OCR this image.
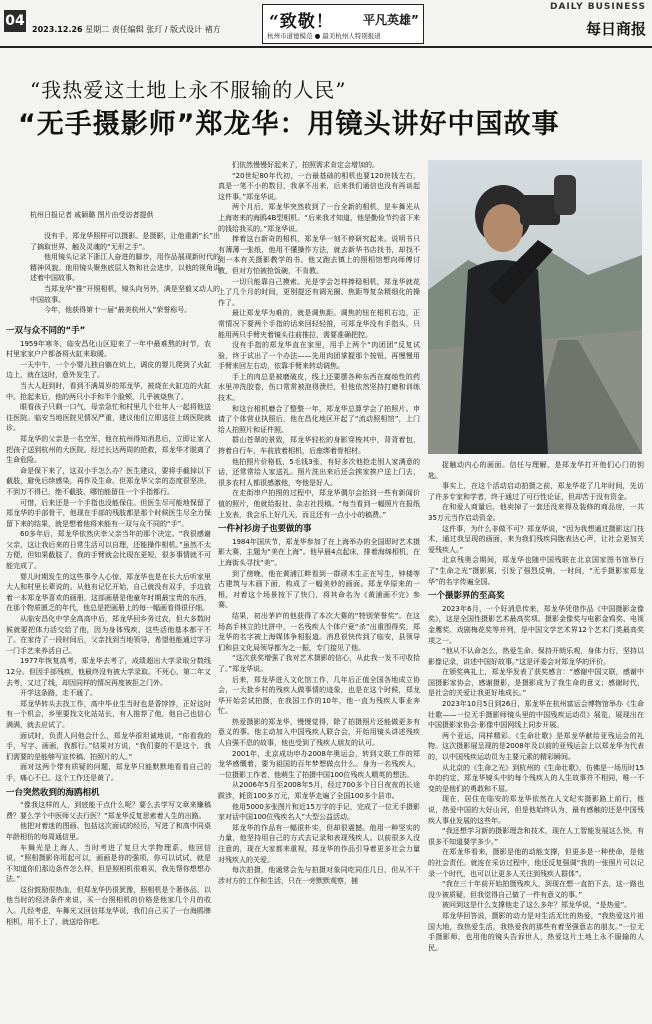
04
2023.12.26 星期二 责任编辑 张玎 / 版式设计 褚方	“致敬！ 平凡英雄”
杭州市道德模范 ● 最美杭州人特别报道
DAILY BUSINESS
每日商报
“我热爱这土地上永不服输的人民”
“无手摄影师”郑龙华：用镜头讲好中国故事
杭州日报记者 戚颖璐 图片由受访者提供

没有手，郑龙华照样可以摄影。是摄影，让他重新“长”出了摘取世界、触及灵魂的“无形之手”。

他用镜头记录下浙江人奋进的脚步，用作品展现新时代的精神风貌。他用镜头聚焦底层人物和社会进步，以他的视角讲述着中国故事。

当郑龙华“推”开照相机，镜头向另外，满是坚毅又动人的中国故事。

今年，他获得第十一届“最美杭州人”荣誉称号。

一双与众不同的“手”

1959年寒冬，临安昌化山区迎来了一年中最难熬的时节，农村里家家户户都备将火缸来取暖。

一天中午，一个小婴儿独自躺在炕上，调皮的婴儿爬到了火缸边上，就在这时，意外发生了。

当大人赶到时，看到不满周岁的郑龙华，被烧在火缸边的火缸中。抢起来后，他的两只小手和半个脸颊，几乎被烧焦了。

眼看孩子只剩一口气，母亲急忙和村里几个壮年人一起将他送往医院。临安当地医院见情况严重，建议他们立即送往上级医院就诊。

郑龙华的父亲是一名空军，他在杭州得知消息后，立即让家人把孩子送到杭州的大医院。经过长达两周的抢救，郑龙华才脱离了生命危险。

命是保下来了，这双小手怎么办？医生建议，要将手截掉以下截肢，避免后续感染，再作及生命。但郑龙华父亲的态度很坚决，不到万不得已，绝不截肢，哪怕能留住一个手指都行。

可惜，后来还是一个手指也没能保住。但医生尽可能地保留了郑龙华的手部骨干，他现在手部的残肢都是那个时候医生尽全力保留下来的结果，就是想着他将来能有一双与众不同的“手”。

60多年后，郑龙华依然庆幸父亲当年的那个决定。“我很感谢父亲，这让我后来的日常生活可以自理，还能操作相机。”虽然不太方便，但如果截肢了，我的手臂就会比现在更短，很多事情就不可能完成了。

婴儿时期发生的这些事令人心惊，郑龙华也是在长大后听家里大人和村里长辈说的。从他有记忆开始，自己就没有双手，手边放着一本郑龙华喜欢的画册，这部画册是他童年时期最宝贵的东西，在那个物质匮乏的年代，他总是把画册上的每一幅画看得很仔细。

从临安昌化中学全高高中后，郑龙华回乡务过农，但大多数时候就要把体力活交给了他，因为身体残疾，这些活他基本都干不了。在家待了一段时间后，父亲找到当地领导，希望他能通过学习一门手艺来养活自己。

1977年恢复高考，郑龙华去考了，成绩超出大学录取分数线12分。但因手部残疾，他最终没有被大学录取。不死心，第二年又去考，又过了线，却因同样的情况再度被拒之门外。

开学这条路，走不通了。

郑龙华转头去找工作，高中毕业生当时也是香饽饽，正好这时有一个机会，乡里要找文化站站长，有人推荐了他，他自己也信心满满，就去应试了。

面试时，负责人问他会什么，郑龙华很坦诚地说，“你看我的手，写字、画画，我都行。”结果对方说，“我们要的不是这个，我们需要的是能够写宣传稿、拍照片的人。”

面对这两个带有质疑的问题，郑龙华只能默默地看看自己的手，痛心不已。这个工作还是黄了。

一台突然收到的海鸥相机

“像我这样的人，到底能干点什么呢？要么去学写文章来赚稿费？要么学个中医师父去行医？”郑龙华反复思索着人生的出路。

他把对着迷的图画、包括这次面试的经历，写进了和高中同桌年龄相仿的每周通信里。

车舞光是上海人，当时考进了复旦大学物理系，他回信说，“照相摄影你用起可以，画画是你的强项，你可以试试，就是不知道你们那边条件怎么样，但是照相机很难买，我先帮你想想办法。”

这份鼓励很热血，但郑龙华仍很犹豫，照相机是个奢侈品，以他当时的经济条件来说，买一台照相机的价格是他家几个月的收入。几经考虑，车舞光又回信郑龙华说，我们自己买了一台海鸥牌相机，用不上了，就送给你吧。

们依然慢慢好起来了，拍照需求肯定会增加的。

“20世纪80年代初，一台最基础的相机也要120块钱左右，真是一笔不小的数目，我拿不出来，后来我们通信也没有再谈起这件事。”郑龙华说。

两个月后，郑龙华突然收到了一台全新的相机，是车舞光从上海寄来的海鸥4B型相机。“后来我才知道，他是勤俭节约省下来的钱给我买的。”郑龙华说。

捧着这台新奇的相机，郑龙华一刻不停研究起来。说明书只有薄薄一张纸，他用不懂操作方法，就去新华书店找书，却找不到一本有关摄影教学的书。他又跑去镇上的照相馆想向师傅讨教，但对方怕被抢饭碗，不肯教。

一切只能靠自己摸索。光是学会怎样捧稳相机，郑龙华就花上了几个月的时间，更别提还有调光圈、焦距等复杂精细化的操作了。

最让郑龙华为难的，就是调焦距。调焦的钮在相机右边，正常情况下要两个手指的话来回轻轻推，可郑龙华没有手指头，只能用两只手臂夹着镜头往前推拉，需要准确把控。

没有手指的郑龙华直在家里，用手上两个“肉团团”反复试验，终于试出了一个办法——先用肉团掌握那个按钮，再慢慢用手臂来回左右动，依靠手臂来转动调焦。

手上的肉总是被磨破皮，线上还要摆各种东西在腐烛性的药水里冲洗胶卷，伤口常常被泡得溃烂，但他依然坚持打磨和训练技术。

和这台相机磨合了整整一年，郑龙华总算学会了拍照片。申请了个体营业执照后，他在昌化地区开起了“流动照相馆”，上门给人拍照片和证件照。

群山苍翠的景致，郑龙华轻松的身影穿梭其中，背背着包，挎着自行车，车前放着相机，后座绑着骨相材。

他拍照片价格低，5毛钱3张，有好多次他抢走别人家满意的话，还常常给人家送礼。照片洗出来后还会挨家挨户送上门去，很多农村人都很感激他，夸他是好人。

在走街串户拍照的过程中，郑龙华偶尔会抬到一些有新闻价值的照片，他就给报社、杂志社投稿。“每当看到一幅照片在报纸上发表，我会乐上好几天，而且还有一点小小的稿费。”

一件衬衫房子也要做的事

1984年国庆节，郑龙华参加了在上海举办的全国即时艺术摄影大赛，主题为“美在上海”。他早晨4点起床，排着海绵相机，在上海街头寻找“美”。

到了傍晚，他在黄浦江畔看到一群顽木生正在写生，钟楼等古建筑与木画下面，构成了一幅美妙的画面。郑龙华原来的一根，对着这个场景按下了快门，将其命名为《黄浦画不完》参赛。

结果，初出茅庐的他获得了本次大赛的“特别荣誉奖”。在这场高手林立的比拼中，一名残疾人个体户竟“杀”出重围得奖，郑龙华的名字被上海媒体争相报道。消息很快传到了临安，县领导们和县文化局领导都为之一振，专门接见了他。

“这次获奖增强了我对艺术摄影的信心，从此我一发不可收拾了。”郑龙华说。

后来，郑龙华进入文化馆工作，几年后正值全国各地成立协会，一大批乡村的残疾人做事情的迹象，也是在这个时候，郑龙华开始尝试拍摄，在我国工作的10年，他一直为残疾人事业奔忙。

热爱摄影的郑龙华，慢慢觉得，除了拍摄照片还能做更多有意义的事。他主动加入中国残疾人联合会，开始用镜头讲述残疾人自强不息的故事，他也受到了残疾人朋友的认可。

2001年，北京成功申办2008年奥运会，转到文联工作的郑龙华感慨着，要为祖国的百年梦想做点什么。身为一名残疾人，一位摄影工作者，他萌生了拍摄中国100位残疾人精英的想法。

从2006年5月至2008年5月，经过700多个日日夜夜的长途跋涉，耗资100多万元，郑龙华走遍了全国100多个县市。

他用5000多张图片和近15万字的手记，完成了一位无手摄影家对话中国100位残疾名人”大型公益活动。

郑龙华的作品有一幅很朴实，但却很震撼。他用一种坚实的力量，他坚持用自己的方式去记录和表现残疾人。以前很多人没注意的，现在大家都来重视，郑龙华的作品引导着更多社会力量对残疾人的关爱。

每次拍摄，他通常会先与拍摄对象同吃同住几日，但从不干涉对方的工作和生活，只在一旁默默观察，捕

捉触动内心的画面。信任与理解，是郑龙华打开他们心门的钥匙。

事实上，在这个活动启动拍摄之前，郑龙华花了几年时间，先访了许多专家和学者，终于通过了可行性论证，但却苦于没有资金。

在和爱人商量后，他卖掉了一套还没来得及装修的商品房，一共35万元当作启动资金。

这件事，为什么非做不可？郑龙华说，“因为我想通过摄影这门技术，通过我呈现的画面，来为我们残疾同胞表达心声，让社会更加关爱残疾人。”

北京残奥会期间，郑龙华也随中国残联在北京国家图书馆举行了“生命之光”摄影展，引发了强烈反响，一时间，“无手摄影家郑龙华”的名字传遍全国。

一个摄影界的至高奖

2023年6月，一个好消息传来，郑龙华凭借作品《中国摄影金像奖》，这是全国性摄影艺术最高奖项。摄影金像奖与电影金鸡奖、电视金鹰奖、戏剧梅花奖等并列，是中国文学艺术界12个艺术门类最高奖项之一。

“他从不认命怎么，热爱生命、保持开朗乐观，身体力行，坚持以影像记录，讲述中国好故事。”这是评委会对郑龙华的评价。

在颁奖典礼上，郑龙华发表了获奖感言：“感谢中国文联，感谢中国摄影家协会，感谢摄影，是摄影成为了我生命的意义；感谢时代，是社会的关爱让我更好地成长。”

2023年10月5日到26日，郑龙华在杭州富运会博物馆举办《生命壮歌——一位无手摄影师镜头里的中国残疾运动员》展览，展现出在中国摄影家协会·影像中国网线上同步开展。

两个亚运，同样精彩。《生命壮歌》是郑龙华献给亚残运会的礼物。这次摄影展呈现的是2008年及以前的亚残运会上以郑龙华为代表的，以中国残疾运动员为主要元素的精彩瞬间。

从北京的《生命之光》到杭州的《生命壮歌》，仿佛是一场历时15年的约定，郑龙华镜头中的每个残疾人的人生故事并不相同，唯一不变的是他们的勇敢和不屈。

现在，居住在临安的郑龙华依然在人文纪实摄影路上前行，他说，热爱中国的大好山河，但是他始终认为，最有感触的还是中国残疾人事业发展的这些年。

“我还想学习新的摄影理念和技术，现在人工智能发展这么快，有很多不知道要学多少。”

在郑龙华看来，摄影是他的动能支撑，但更多是一种使命，是他的社会责任。就连在采访过程中，他还反复强调“我的一张照片可以记录一个时代，也可以让更多人关注到残疾人群体”。

“我在三十年前开始拍摄残疾人，到现在想一直拍下去，这一路也没少被质疑，但我觉得自己做了一件有意义的事。”

被问到这是什么支撑他走了这么多年？郑龙华说，“是热爱”。

郑龙华回答说，摄影的动力是对生活无比的热爱，“我热爱这片祖国大地，我热爱生活，我热爱我的那些有着坚强意志的朋友。”一位无手摄影师，也用他的镜头告诉世人，热爱这片土地上永不服输的人民。
